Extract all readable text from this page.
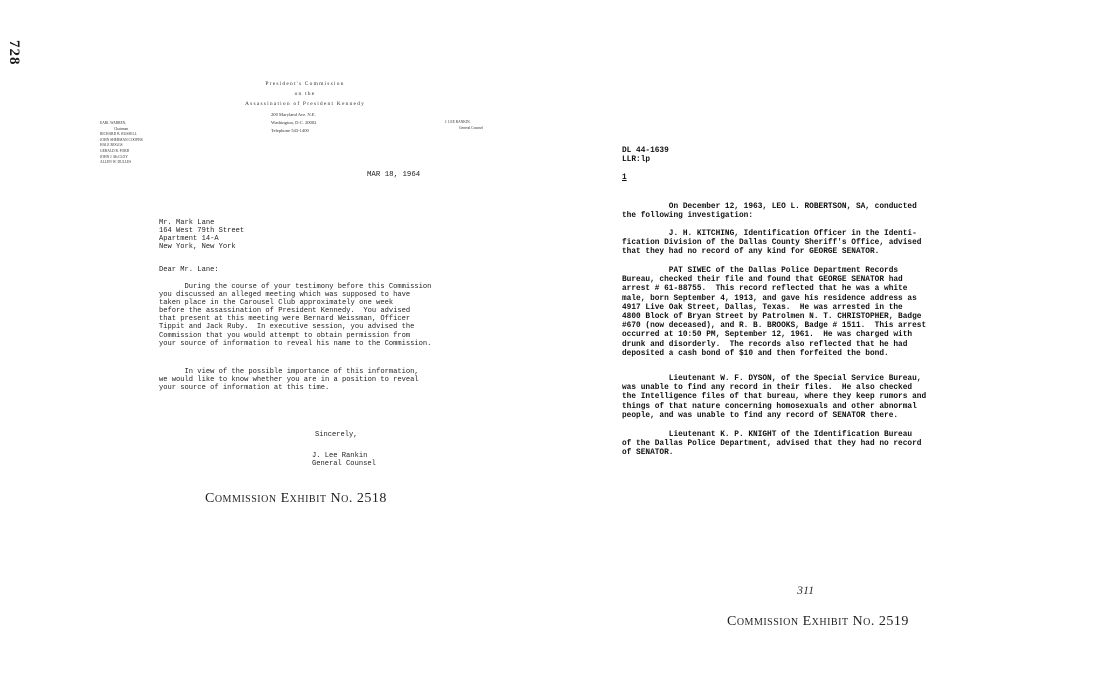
728
President's Commission
on the
Assassination of President Kennedy
200 Maryland Ave. N.E.
Washington, D.C. 20002
Telephone 543-1400
EARL WARREN,
Chairman
RICHARD B. RUSSELL
JOHN SHERMAN COOPER
HALE BOGGS
GERALD R. FORD
JOHN J. McCLOY
ALLEN W. DULLES
J. LEE RANKIN,
General Counsel
MAR 18, 1964
Mr. Mark Lane
164 West 79th Street
Apartment 14-A
New York, New York
Dear Mr. Lane:
During the course of your testimony before this Commission
you discussed an alleged meeting which was supposed to have
taken place in the Carousel Club approximately one week
before the assassination of President Kennedy.  You advised
that present at this meeting were Bernard Weissman, Officer
Tippit and Jack Ruby.  In executive session, you advised the
Commission that you would attempt to obtain permission from
your source of information to reveal his name to the Commission.
In view of the possible importance of this information,
we would like to know whether you are in a position to reveal
your source of information at this time.
Sincerely,
J. Lee Rankin
General Counsel
Commission Exhibit No. 2518
DL 44-1639
LLR:lp
1
On December 12, 1963, LEO L. ROBERTSON, SA, conducted
the following investigation:
J. H. KITCHING, Identification Officer in the Identi-
fication Division of the Dallas County Sheriff's Office, advised
that they had no record of any kind for GEORGE SENATOR.
PAT SIWEC of the Dallas Police Department Records
Bureau, checked their file and found that GEORGE SENATOR had
arrest # 61-88755.  This record reflected that he was a white
male, born September 4, 1913, and gave his residence address as
4917 Live Oak Street, Dallas, Texas.  He was arrested in the
4800 Block of Bryan Street by Patrolmen N. T. CHRISTOPHER, Badge
#670 (now deceased), and R. B. BROOKS, Badge # 1511.  This arrest
occurred at 10:50 PM, September 12, 1961.  He was charged with
drunk and disorderly.  The records also reflected that he had
deposited a cash bond of $10 and then forfeited the bond.
Lieutenant W. F. DYSON, of the Special Service Bureau,
was unable to find any record in their files.  He also checked
the Intelligence files of that bureau, where they keep rumors and
things of that nature concerning homosexuals and other abnormal
people, and was unable to find any record of SENATOR there.
Lieutenant K. P. KNIGHT of the Identification Bureau
of the Dallas Police Department, advised that they had no record
of SENATOR.
311
Commission Exhibit No. 2519
